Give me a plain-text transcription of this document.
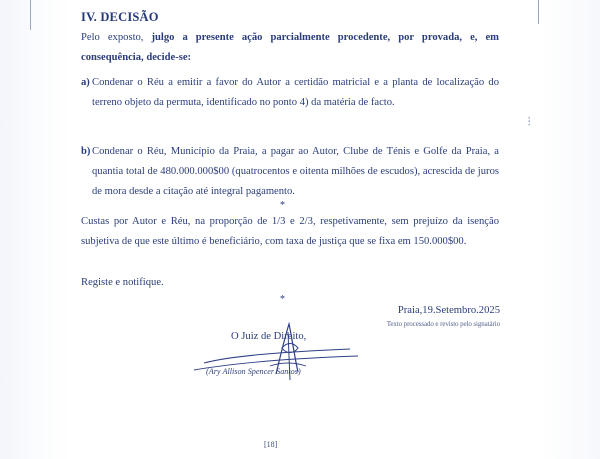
⁝
IV. DECISÃO
Pelo exposto, julgo a presente ação parcialmente procedente, por provada, e, em consequência, decide-se:
a) Condenar o Réu a emitir a favor do Autor a certidão matricial e a planta de localização do terreno objeto da permuta, identificado no ponto 4) da matéria de facto.
b) Condenar o Réu, Município da Praia, a pagar ao Autor, Clube de Ténis e Golfe da Praia, a quantia total de 480.000.000$00 (quatrocentos e oitenta milhões de escudos), acrescida de juros de mora desde a citação até integral pagamento.
*
Custas por Autor e Réu, na proporção de 1/3 e 2/3, respetivamente, sem prejuízo da isenção subjetiva de que este último é beneficiário, com taxa de justiça que se fixa em 150.000$00.
Registe e notifique.
*
Praia,19.Setembro.2025
Texto processado e revisto pelo signatário
O Juiz de Direito,
(Ary Allison Spencer Santos)
[18]
